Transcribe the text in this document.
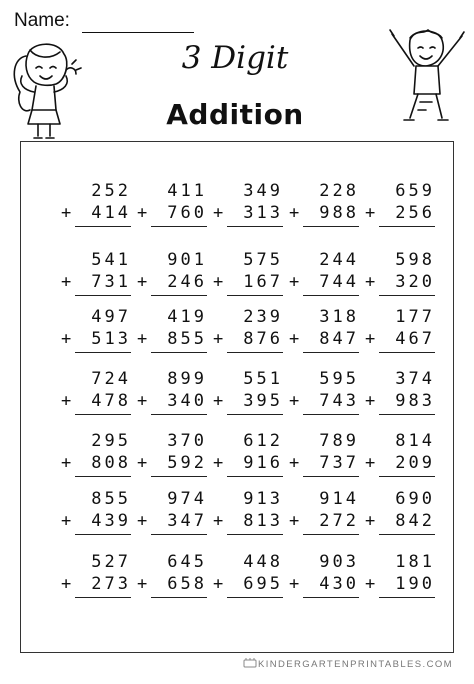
Name:
3 Digit
Addition
252
+ 414
411
+ 760
349
+ 313
228
+ 988
659
+ 256
541
+ 731
901
+ 246
575
+ 167
244
+ 744
598
+ 320
497
+ 513
419
+ 855
239
+ 876
318
+ 847
177
+ 467
724
+ 478
899
+ 340
551
+ 395
595
+ 743
374
+ 983
295
+ 808
370
+ 592
612
+ 916
789
+ 737
814
+ 209
855
+ 439
974
+ 347
913
+ 813
914
+ 272
690
+ 842
527
+ 273
645
+ 658
448
+ 695
903
+ 430
181
+ 190
KINDERGARTENPRINTABLES.COM
